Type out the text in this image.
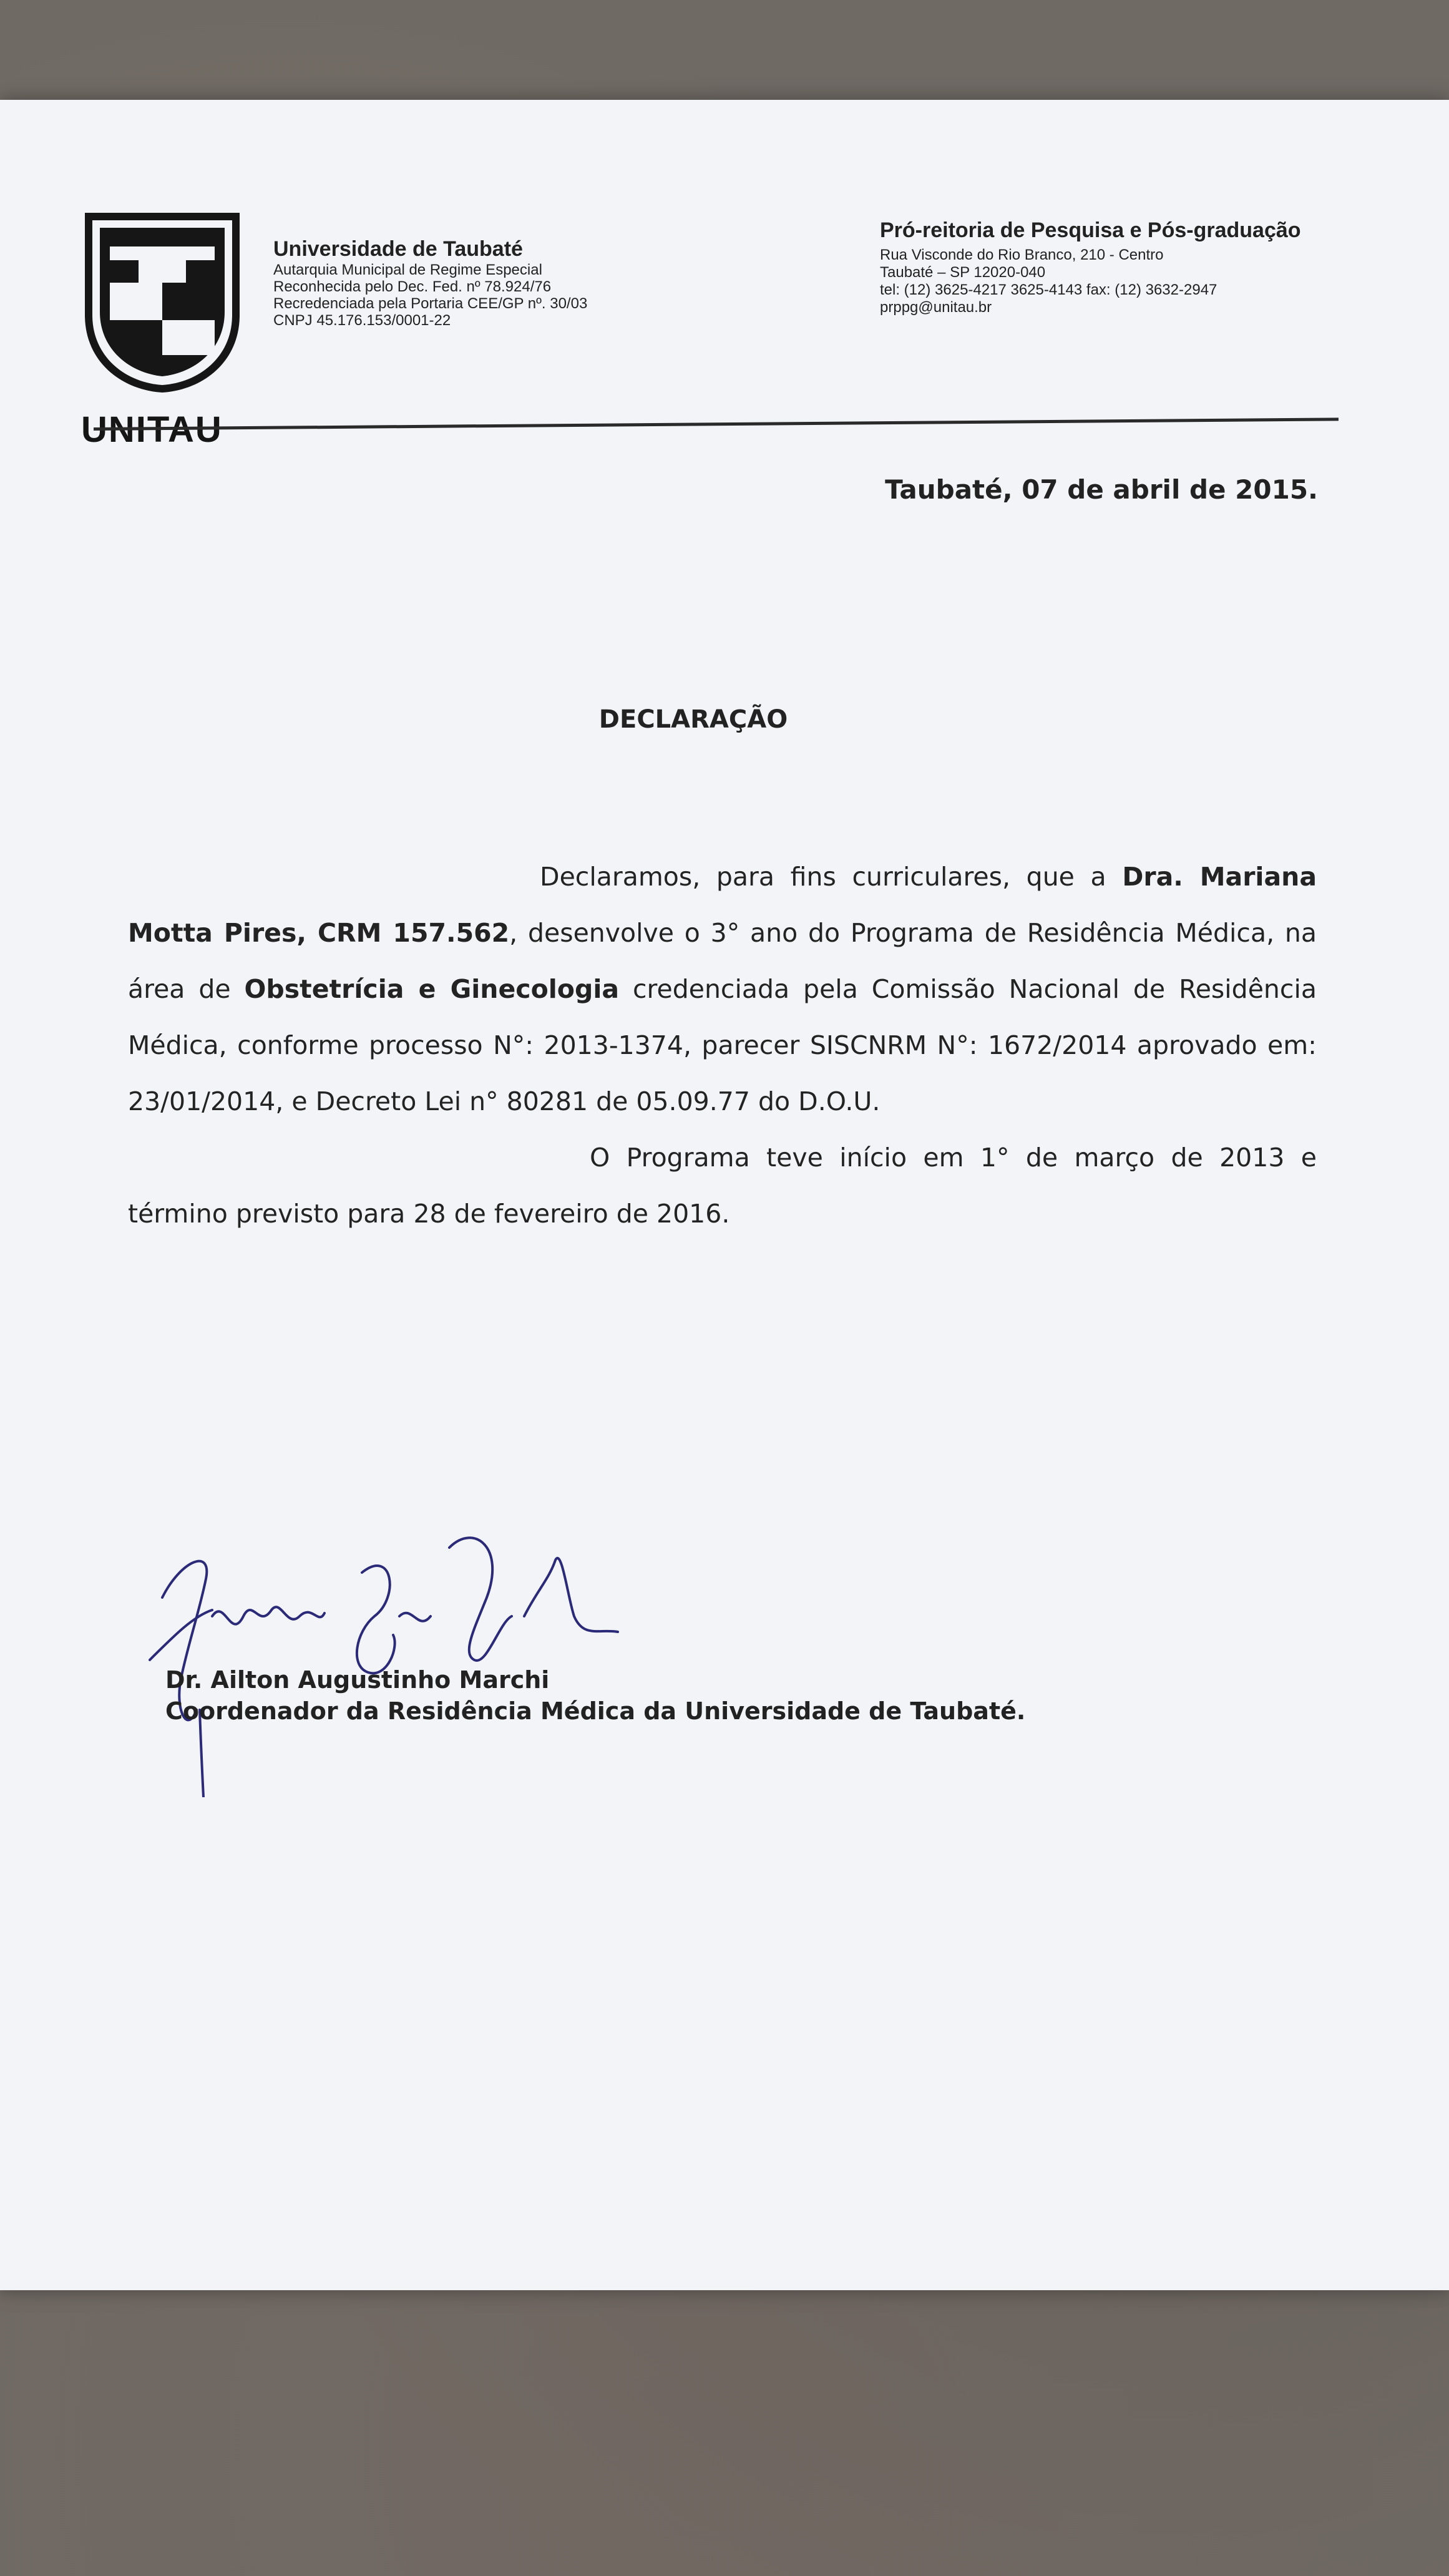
UNITAU
Universidade de Taubaté
Autarquia Municipal de Regime Especial
Reconhecida pelo Dec. Fed. nº 78.924/76
Recredenciada pela Portaria CEE/GP nº. 30/03
CNPJ 45.176.153/0001-22
Pró-reitoria de Pesquisa e Pós-graduação
Rua Visconde do Rio Branco, 210 - Centro
Taubaté – SP 12020-040
tel: (12) 3625-4217 3625-4143 fax: (12) 3632-2947
prppg@unitau.br
Taubaté, 07 de abril de 2015.
DECLARAÇÃO

Declaramos, para fins curriculares, que a Dra. Mariana Motta Pires, CRM 157.562, desenvolve o 3° ano do Programa de Residência Médica, na área de Obstetrícia e Ginecologia credenciada pela Comissão Nacional de Residência Médica, conforme processo N°: 2013-1374, parecer SISCNRM N°: 1672/2014 aprovado em: 23/01/2014, e Decreto Lei n° 80281 de 05.09.77 do D.O.U.

O Programa teve início em 1° de março de 2013 e término previsto para 28 de fevereiro de 2016.

Dr. Ailton Augustinho Marchi
Coordenador da Residência Médica da Universidade de Taubaté.
